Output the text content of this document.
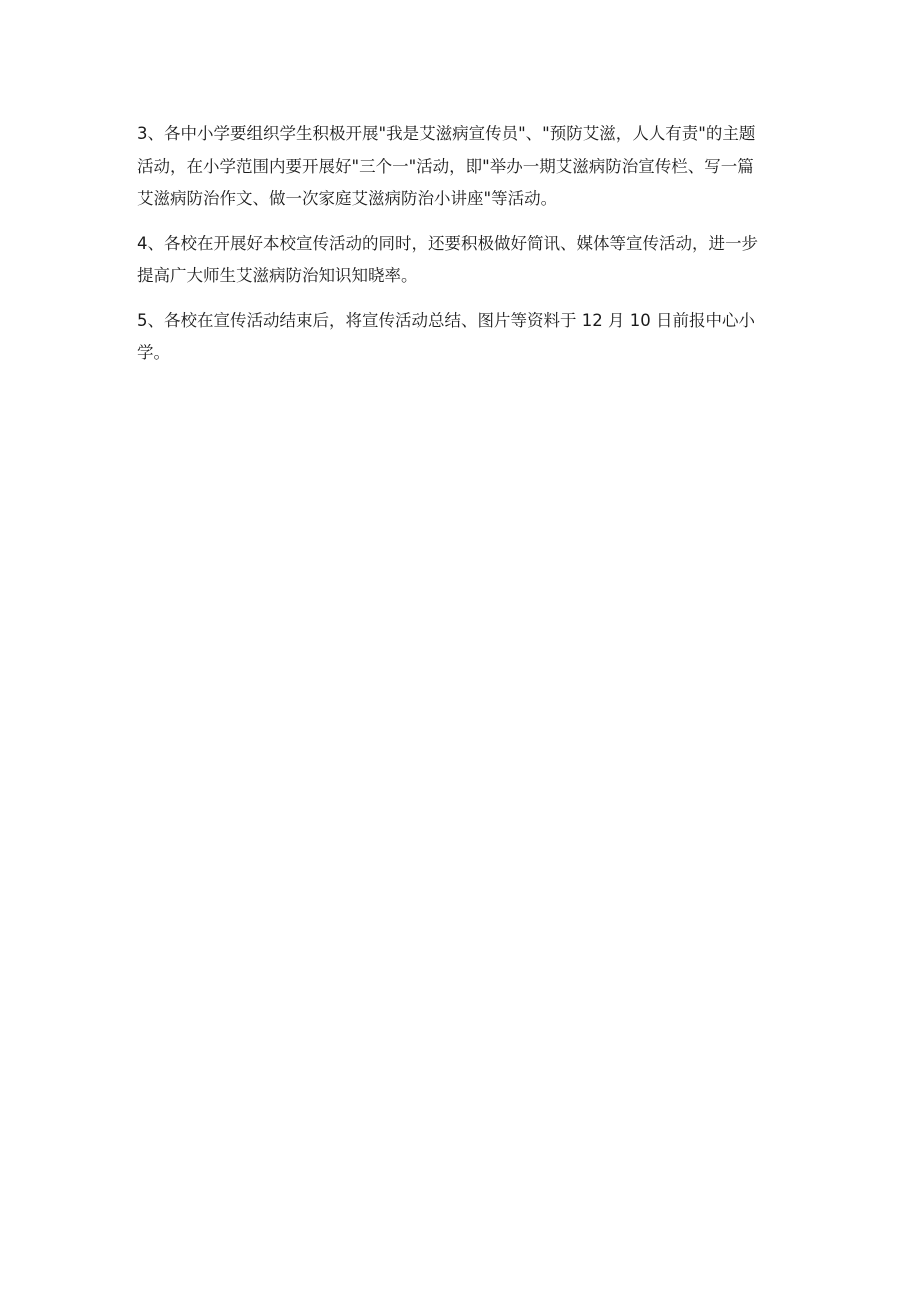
3、各中小学要组织学生积极开展"我是艾滋病宣传员"、"预防艾滋，人人有责"的主题
活动，在小学范围内要开展好"三个一"活动，即"举办一期艾滋病防治宣传栏、写一篇
艾滋病防治作文、做一次家庭艾滋病防治小讲座"等活动。

4、各校在开展好本校宣传活动的同时，还要积极做好简讯、媒体等宣传活动，进一步
提高广大师生艾滋病防治知识知晓率。

5、各校在宣传活动结束后，将宣传活动总结、图片等资料于 12 月 10 日前报中心小
学。
